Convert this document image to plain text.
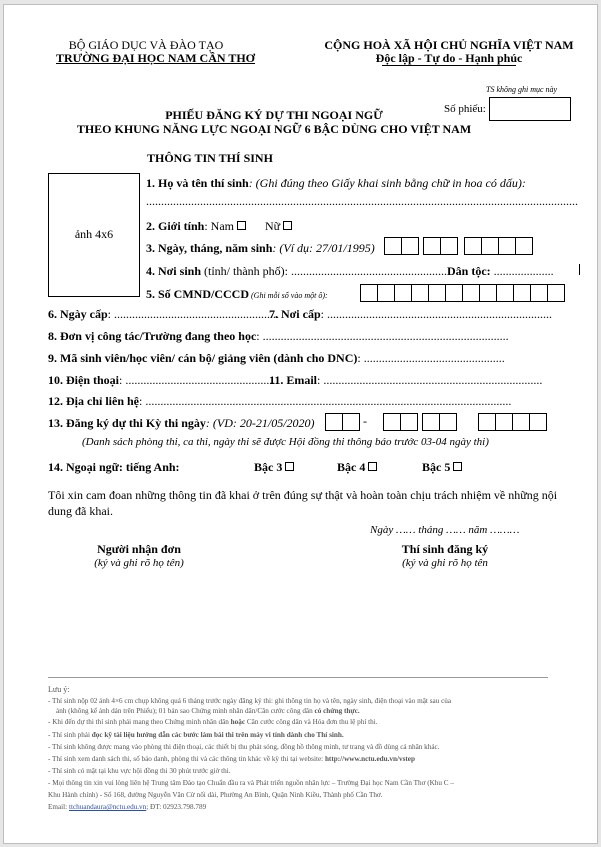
BỘ GIÁO DỤC VÀ ĐÀO TẠO
TRƯỜNG ĐẠI HỌC NAM CẦN THƠ
CỘNG HOÀ XÃ HỘI CHỦ NGHĨA VIỆT NAM
Độc lập - Tự do - Hạnh phúc
TS không ghi mục này
Số phiếu:
PHIẾU ĐĂNG KÝ DỰ THI NGOẠI NGỮ
THEO KHUNG NĂNG LỰC NGOẠI NGỮ 6 BẬC DÙNG CHO VIỆT NAM
THÔNG TIN THÍ SINH
ảnh 4x6
1. Họ và tên thí sinh: (Ghi đúng theo Giấy khai sinh bằng chữ in hoa có dấu):
................................................................................................................................................
2. Giới tính: Nam	Nữ
3. Ngày, tháng, năm sinh: (Ví dụ: 27/01/1995)
4. Nơi sinh (tỉnh/ thành phố): .................................................... Dân tộc: ....................
5. Số CMND/CCCD (Ghi mỗi số vào một ô):
6. Ngày cấp: .......................................................
7. Nơi cấp: ...........................................................................
8. Đơn vị công tác/Trường đang theo học: ..................................................................................
9. Mã sinh viên/học viên/ cán bộ/ giảng viên (dành cho DNC): ...............................................
10. Điện thoại: ...................................................
11. Email: .........................................................................
12. Địa chỉ liên hệ: ..........................................................................................................................
13. Đăng ký dự thi Kỳ thi ngày: (VD: 20-21/05/2020)	-
(Danh sách phòng thi, ca thi, ngày thi sẽ được Hội đồng thi thông báo trước 03-04 ngày thi)
14. Ngoại ngữ: tiếng Anh:	Bậc 3	Bậc 4	Bậc 5
Tôi xin cam đoan những thông tin đã khai ở trên đúng sự thật và hoàn toàn chịu trách nhiệm về những nội
dung đã khai.
Ngày …… tháng …… năm ………
Người nhận đơn
(ký và ghi rõ họ tên)
Thí sinh đăng ký
(ký và ghi rõ họ tên
Lưu ý:
- Thí sinh nộp 02 ảnh 4×6 cm chụp không quá 6 tháng trước ngày đăng ký thi: ghi thông tin họ và tên, ngày sinh, điện thoại vào mặt sau của
ảnh (không kể ảnh dán trên Phiếu); 01 bản sao Chứng minh nhân dân/Căn cước công dân có chứng thực.
- Khi đến dự thi thí sinh phải mang theo Chứng minh nhân dân hoặc Căn cước công dân và Hóa đơn thu lệ phí thi.
- Thí sinh phải đọc kỹ tài liệu hướng dẫn các bước làm bài thi trên máy vi tính dành cho Thí sinh.
- Thí sinh không được mang vào phòng thi điện thoại, các thiết bị thu phát sóng, đồng hồ thông minh, tư trang và đồ dùng cá nhân khác.
- Thí sinh xem danh sách thi, số báo danh, phòng thi và các thông tin khác về kỳ thi tại website: http://www.nctu.edu.vn/vstep
- Thí sinh có mặt tại khu vực hội đồng thi 30 phút trước giờ thi.
- Mọi thông tin xin vui lòng liên hệ Trung tâm Đào tạo Chuẩn đầu ra và Phát triển nguồn nhân lực – Trường Đại học Nam Cần Thơ (Khu C –
Khu Hành chính) - Số 168, đường Nguyễn Văn Cừ nối dài, Phường An Bình, Quận Ninh Kiều, Thành phố Cần Thơ.
Email: ttchuandaura@nctu.edu.vn; ĐT: 02923.798.789
